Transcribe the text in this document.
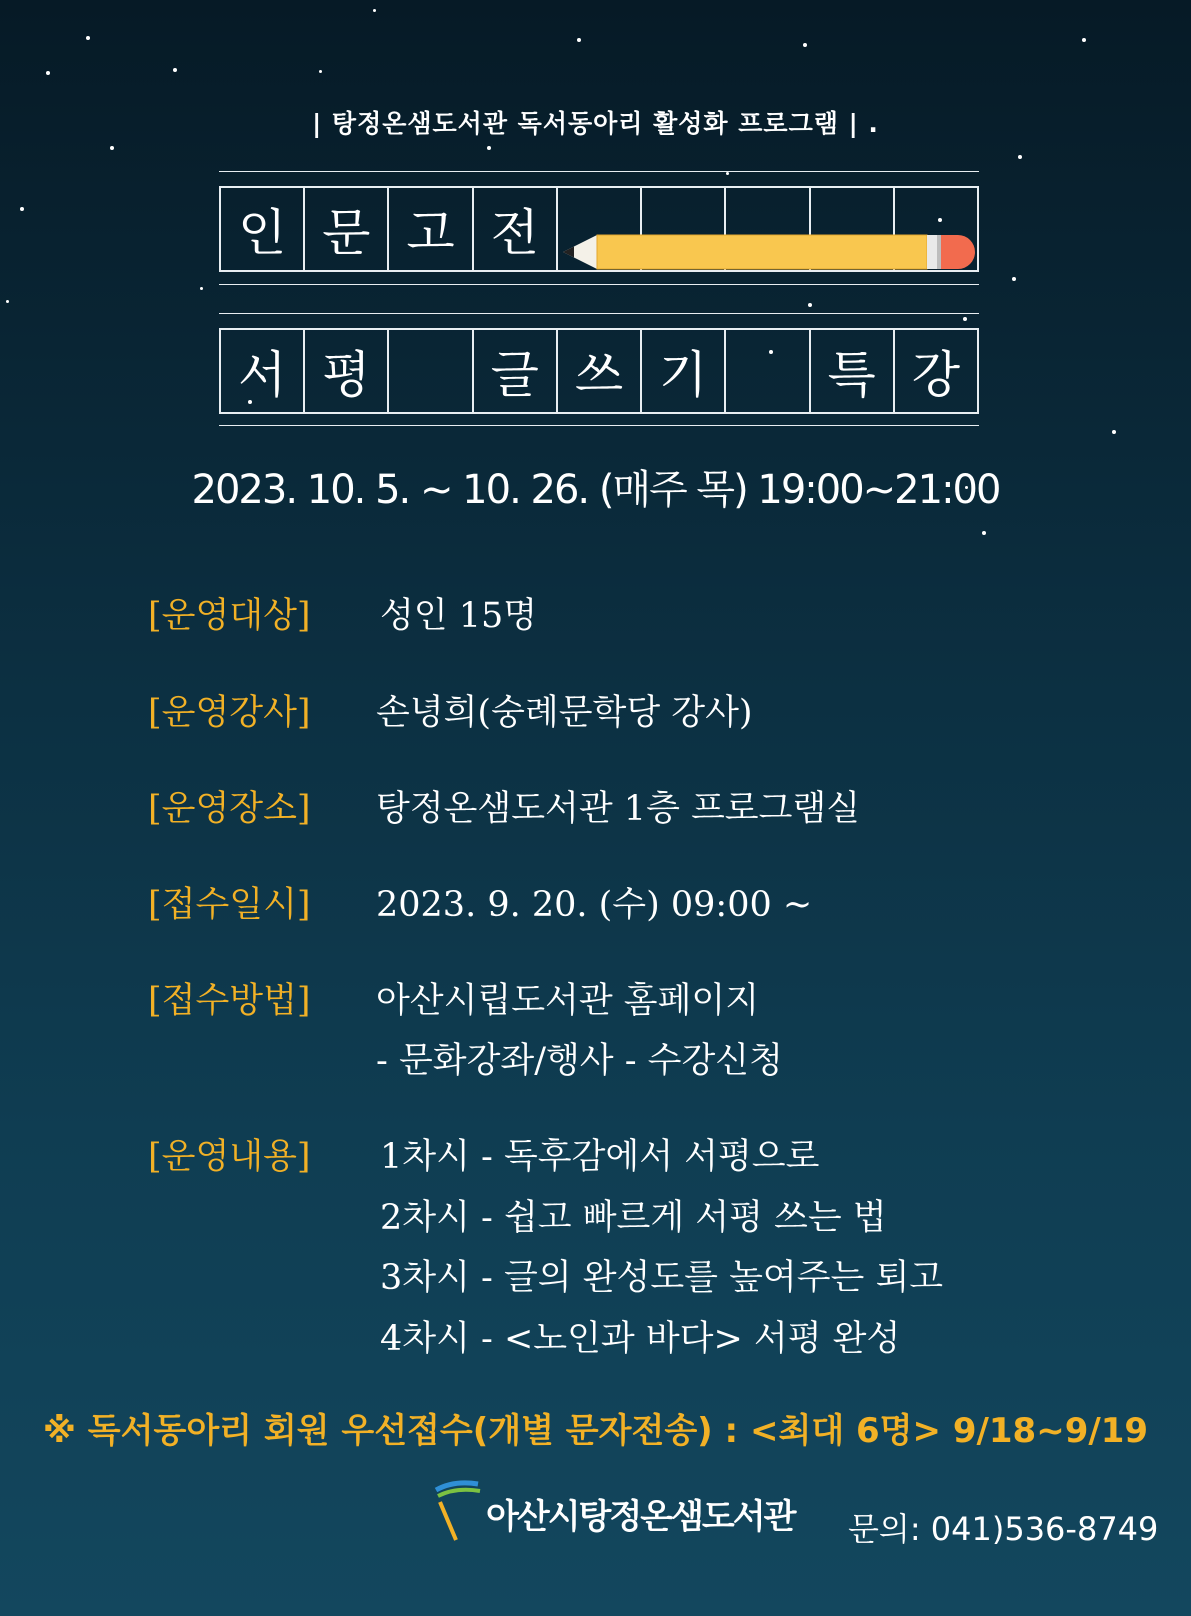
| 탕정온샘도서관 독서동아리 활성화 프로그램 | .
인 문 고 전
서 평	글 쓰 기	특 강
2023. 10. 5. ~ 10. 26. (매주 목) 19:00~21:00
[운영대상] 성인 15명
[운영강사] 손녕희(숭례문학당 강사)
[운영장소] 탕정온샘도서관 1층 프로그램실
[접수일시] 2023. 9. 20. (수) 09:00 ~
[접수방법] 아산시립도서관 홈페이지
- 문화강좌/행사 - 수강신청
[운영내용] 1차시 - 독후감에서 서평으로
2차시 - 쉽고 빠르게 서평 쓰는 법
3차시 - 글의 완성도를 높여주는 퇴고
4차시 - <노인과 바다> 서평 완성
※ 독서동아리 회원 우선접수(개별 문자전송) : <최대 6명> 9/18~9/19
아산시탕정온샘도서관 문의: 041)536-8749
